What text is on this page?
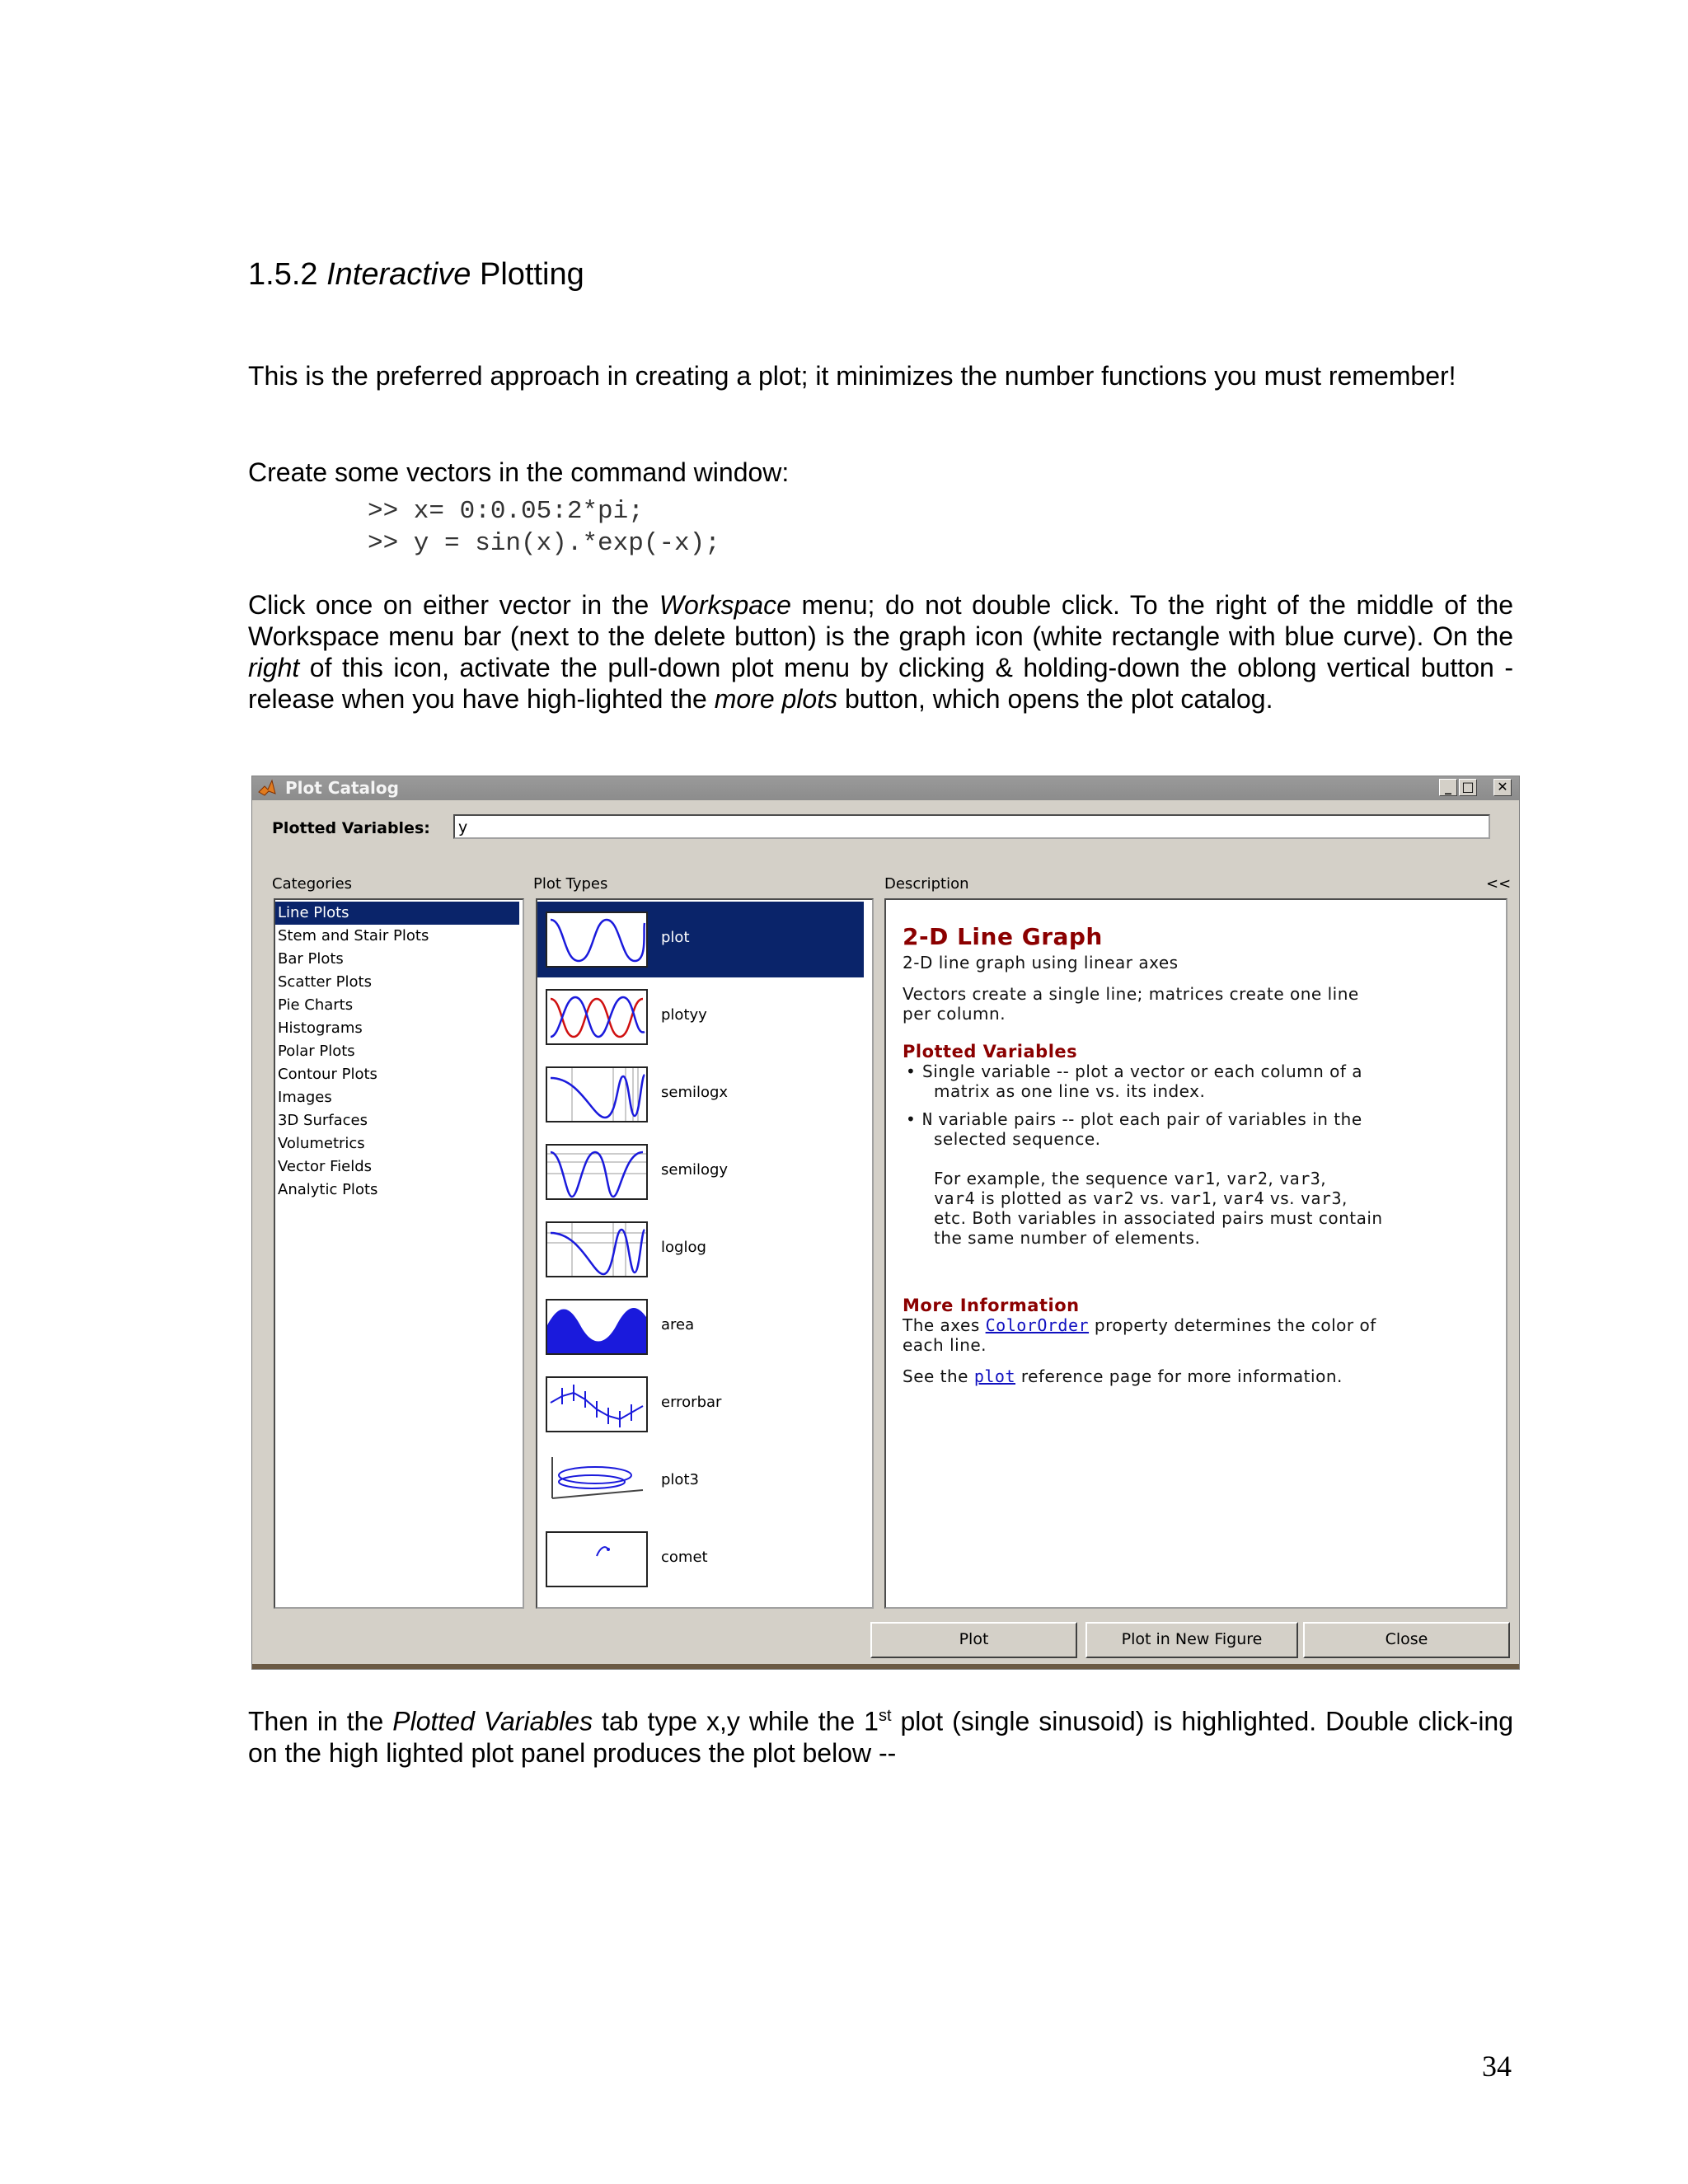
1.5.2 Interactive Plotting
This is the preferred approach in creating a plot; it minimizes the number functions you must remember!
Create some vectors in the command window:
>> x= 0:0.05:2*pi;
>> y = sin(x).*exp(-x);
Click once on either vector in the Workspace menu; do not double click. To the right of the middle of the Workspace menu bar (next to the delete button) is the graph icon (white rectangle with blue curve). On the right of this icon, activate the pull-down plot menu by clicking & holding-down the oblong vertical button - release when you have high-lighted the more plots button, which opens the plot catalog.
Plot Catalog	_ □ ✕
Plotted Variables:	y
Categories	Plot Types	Description	<<
Line Plots
Stem and Stair Plots
Bar Plots
Scatter Plots
Pie Charts
Histograms
Polar Plots
Contour Plots
Images
3D Surfaces
Volumetrics
Vector Fields
Analytic Plots
plot
plotyy
semilogx
semilogy
loglog
area
errorbar
plot3
comet
2-D Line Graph
2-D line graph using linear axes
Vectors create a single line; matrices create one line
per column.
Plotted Variables
• Single variable -- plot a vector or each column of a
matrix as one line vs. its index.
• N variable pairs -- plot each pair of variables in the
selected sequence.
For example, the sequence var1, var2, var3,
var4 is plotted as var2 vs. var1, var4 vs. var3,
etc. Both variables in associated pairs must contain
the same number of elements.
More Information
The axes ColorOrder property determines the color of
each line.
See the plot reference page for more information.
Plot	Plot in New Figure	Close
Then in the Plotted Variables tab type x,y while the 1st plot (single sinusoid) is highlighted. Double click-ing on the high lighted plot panel produces the plot below --
34
